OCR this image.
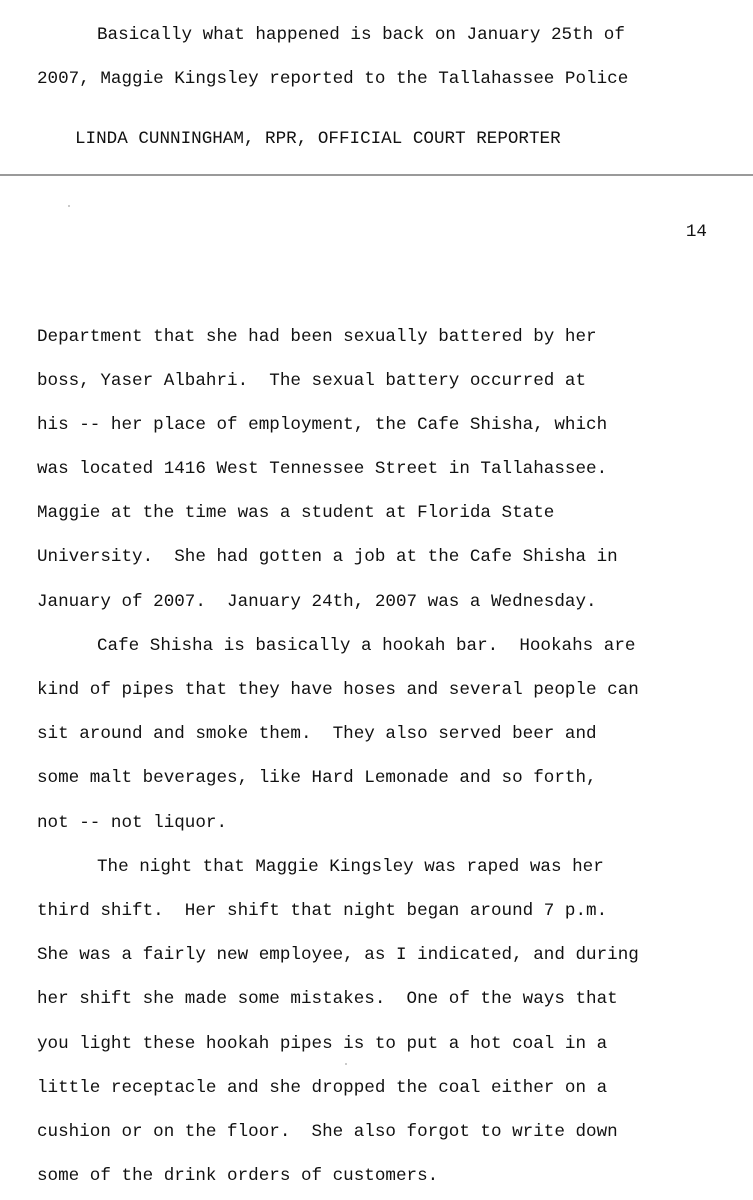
Basically what happened is back on January 25th of
2007, Maggie Kingsley reported to the Tallahassee Police
LINDA CUNNINGHAM, RPR, OFFICIAL COURT REPORTER
14
Department that she had been sexually battered by her
boss, Yaser Albahri.  The sexual battery occurred at
his -- her place of employment, the Cafe Shisha, which
was located 1416 West Tennessee Street in Tallahassee.
Maggie at the time was a student at Florida State
University.  She had gotten a job at the Cafe Shisha in
January of 2007.  January 24th, 2007 was a Wednesday.
Cafe Shisha is basically a hookah bar.  Hookahs are
kind of pipes that they have hoses and several people can
sit around and smoke them.  They also served beer and
some malt beverages, like Hard Lemonade and so forth,
not -- not liquor.
The night that Maggie Kingsley was raped was her
third shift.  Her shift that night began around 7 p.m.
She was a fairly new employee, as I indicated, and during
her shift she made some mistakes.  One of the ways that
you light these hookah pipes is to put a hot coal in a
little receptacle and she dropped the coal either on a
cushion or on the floor.  She also forgot to write down
some of the drink orders of customers.
